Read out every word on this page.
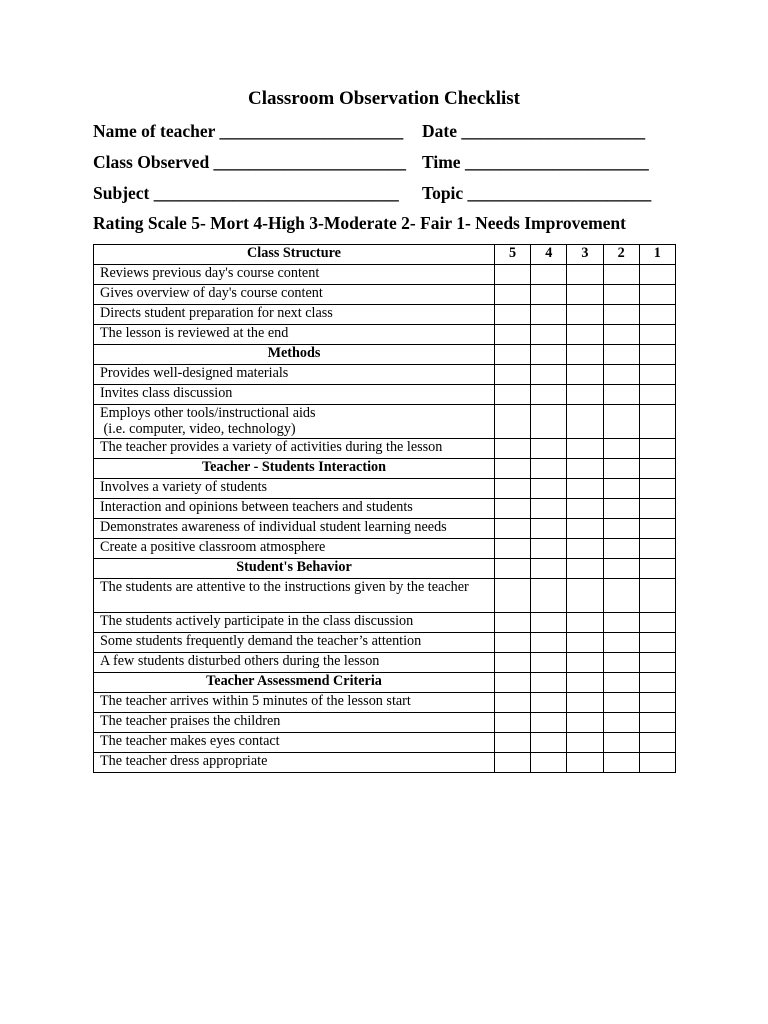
Classroom Observation Checklist
Name of teacher _____________________ Date _____________________
Class Observed ______________________ Time _____________________
Subject ____________________________ Topic _____________________
Rating Scale 5- Mort 4-High 3-Moderate 2- Fair 1- Needs Improvement
Class Structure	5	4	3	2	1
Reviews previous day's course content					
Gives overview of day's course content					
Directs student preparation for next class					
The lesson is reviewed at the end					
Methods					
Provides well-designed materials					
Invites class discussion					
Employs other tools/instructional aids
(i.e. computer, video, technology)					
The teacher provides a variety of activities during the lesson					
Teacher - Students Interaction					
Involves a variety of students					
Interaction and opinions between teachers and students					
Demonstrates awareness of individual student learning needs					
Create a positive classroom atmosphere					
Student's Behavior					
The students are attentive to the instructions given by the teacher					
The students actively participate in the class discussion					
Some students frequently demand the teacher’s attention					
A few students disturbed others during the lesson					
Teacher Assessmend Criteria					
The teacher arrives within 5 minutes of the lesson start					
The teacher praises the children					
The teacher makes eyes contact					
The teacher dress appropriate					
